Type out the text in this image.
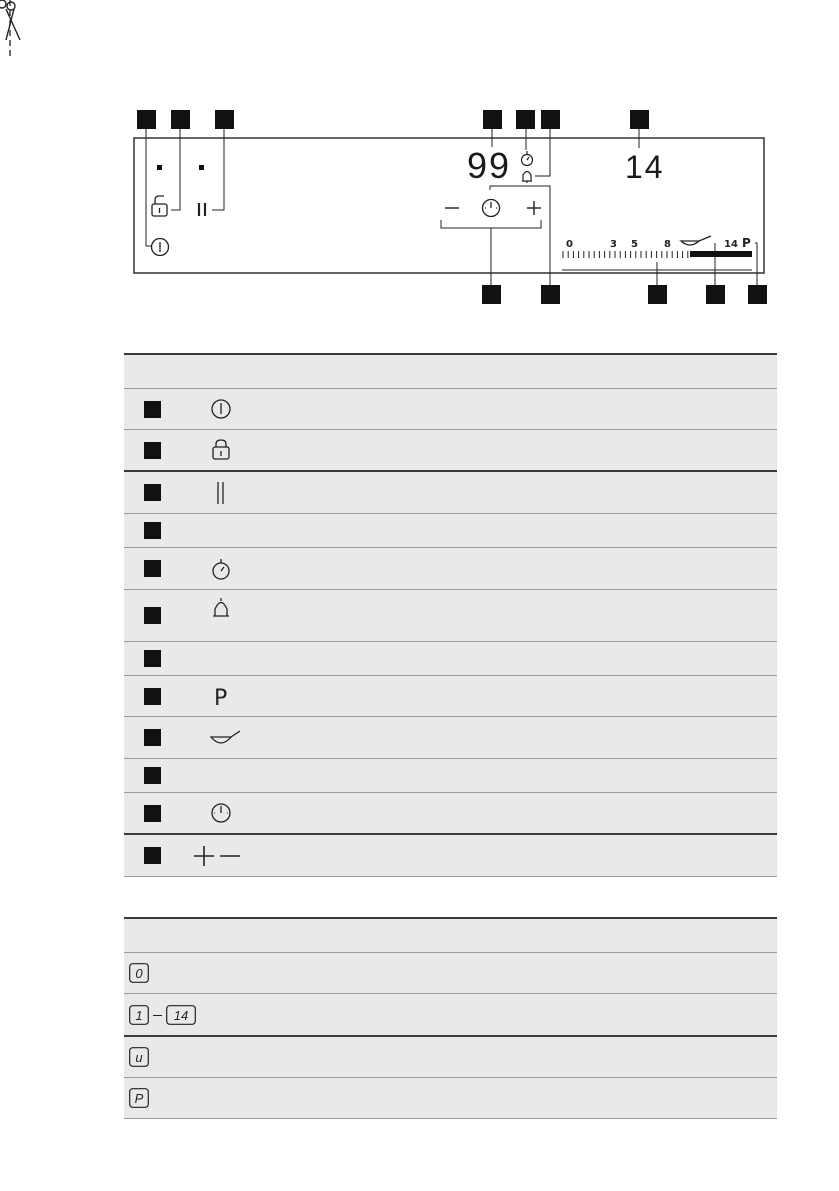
99	14
0	3 5	8	14 P
P
0
1 14
u
P
